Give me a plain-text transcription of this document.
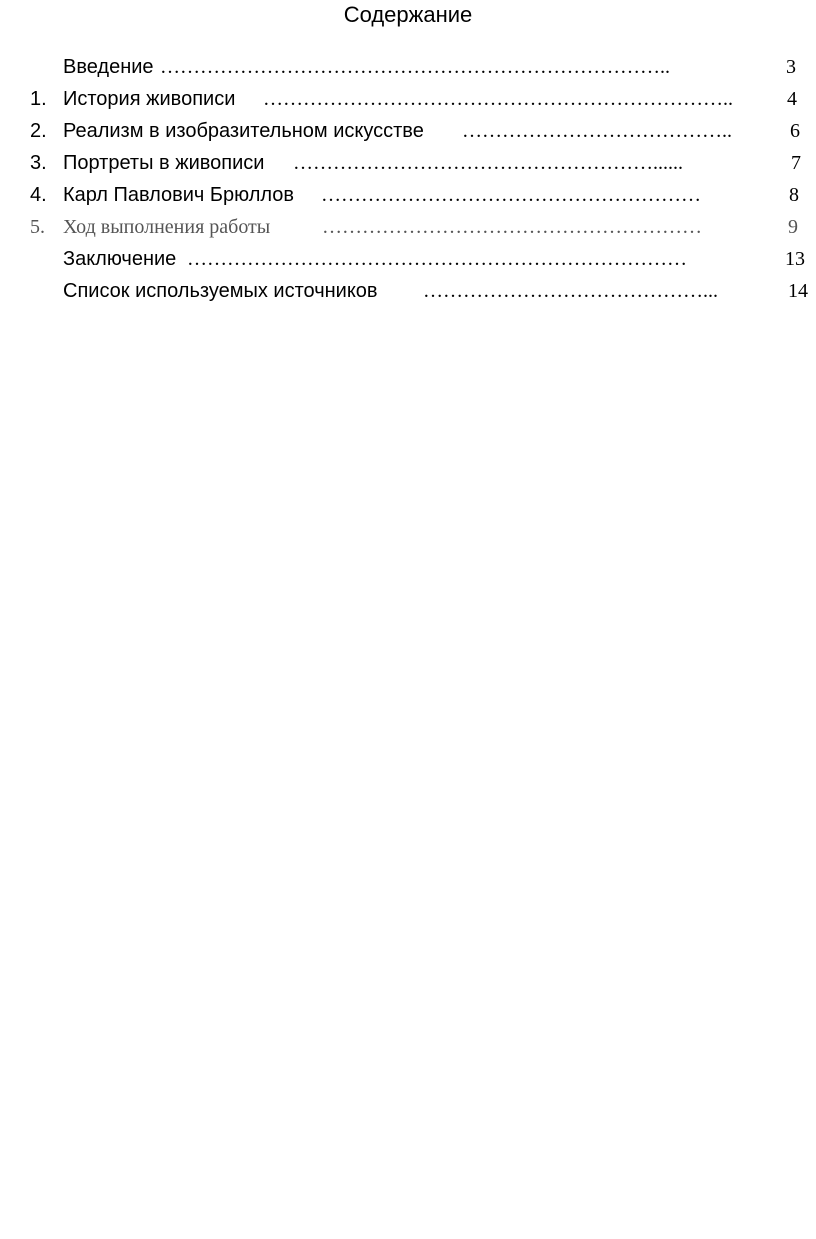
Содержание
Введение …………………………………………………………………..	3
1. История живописи ……………………………………………………………..	4
2. Реализм в изобразительном искусстве …………………………………..	6
3. Портреты в живописи ………………………………………………......	7
4. Карл Павлович Брюллов …………………………………………………	8
5. Ход выполнения работы	…………………………………………………	9
Заключение …………………………………………………………………	13
Список используемых источников ……………………………………...	14
